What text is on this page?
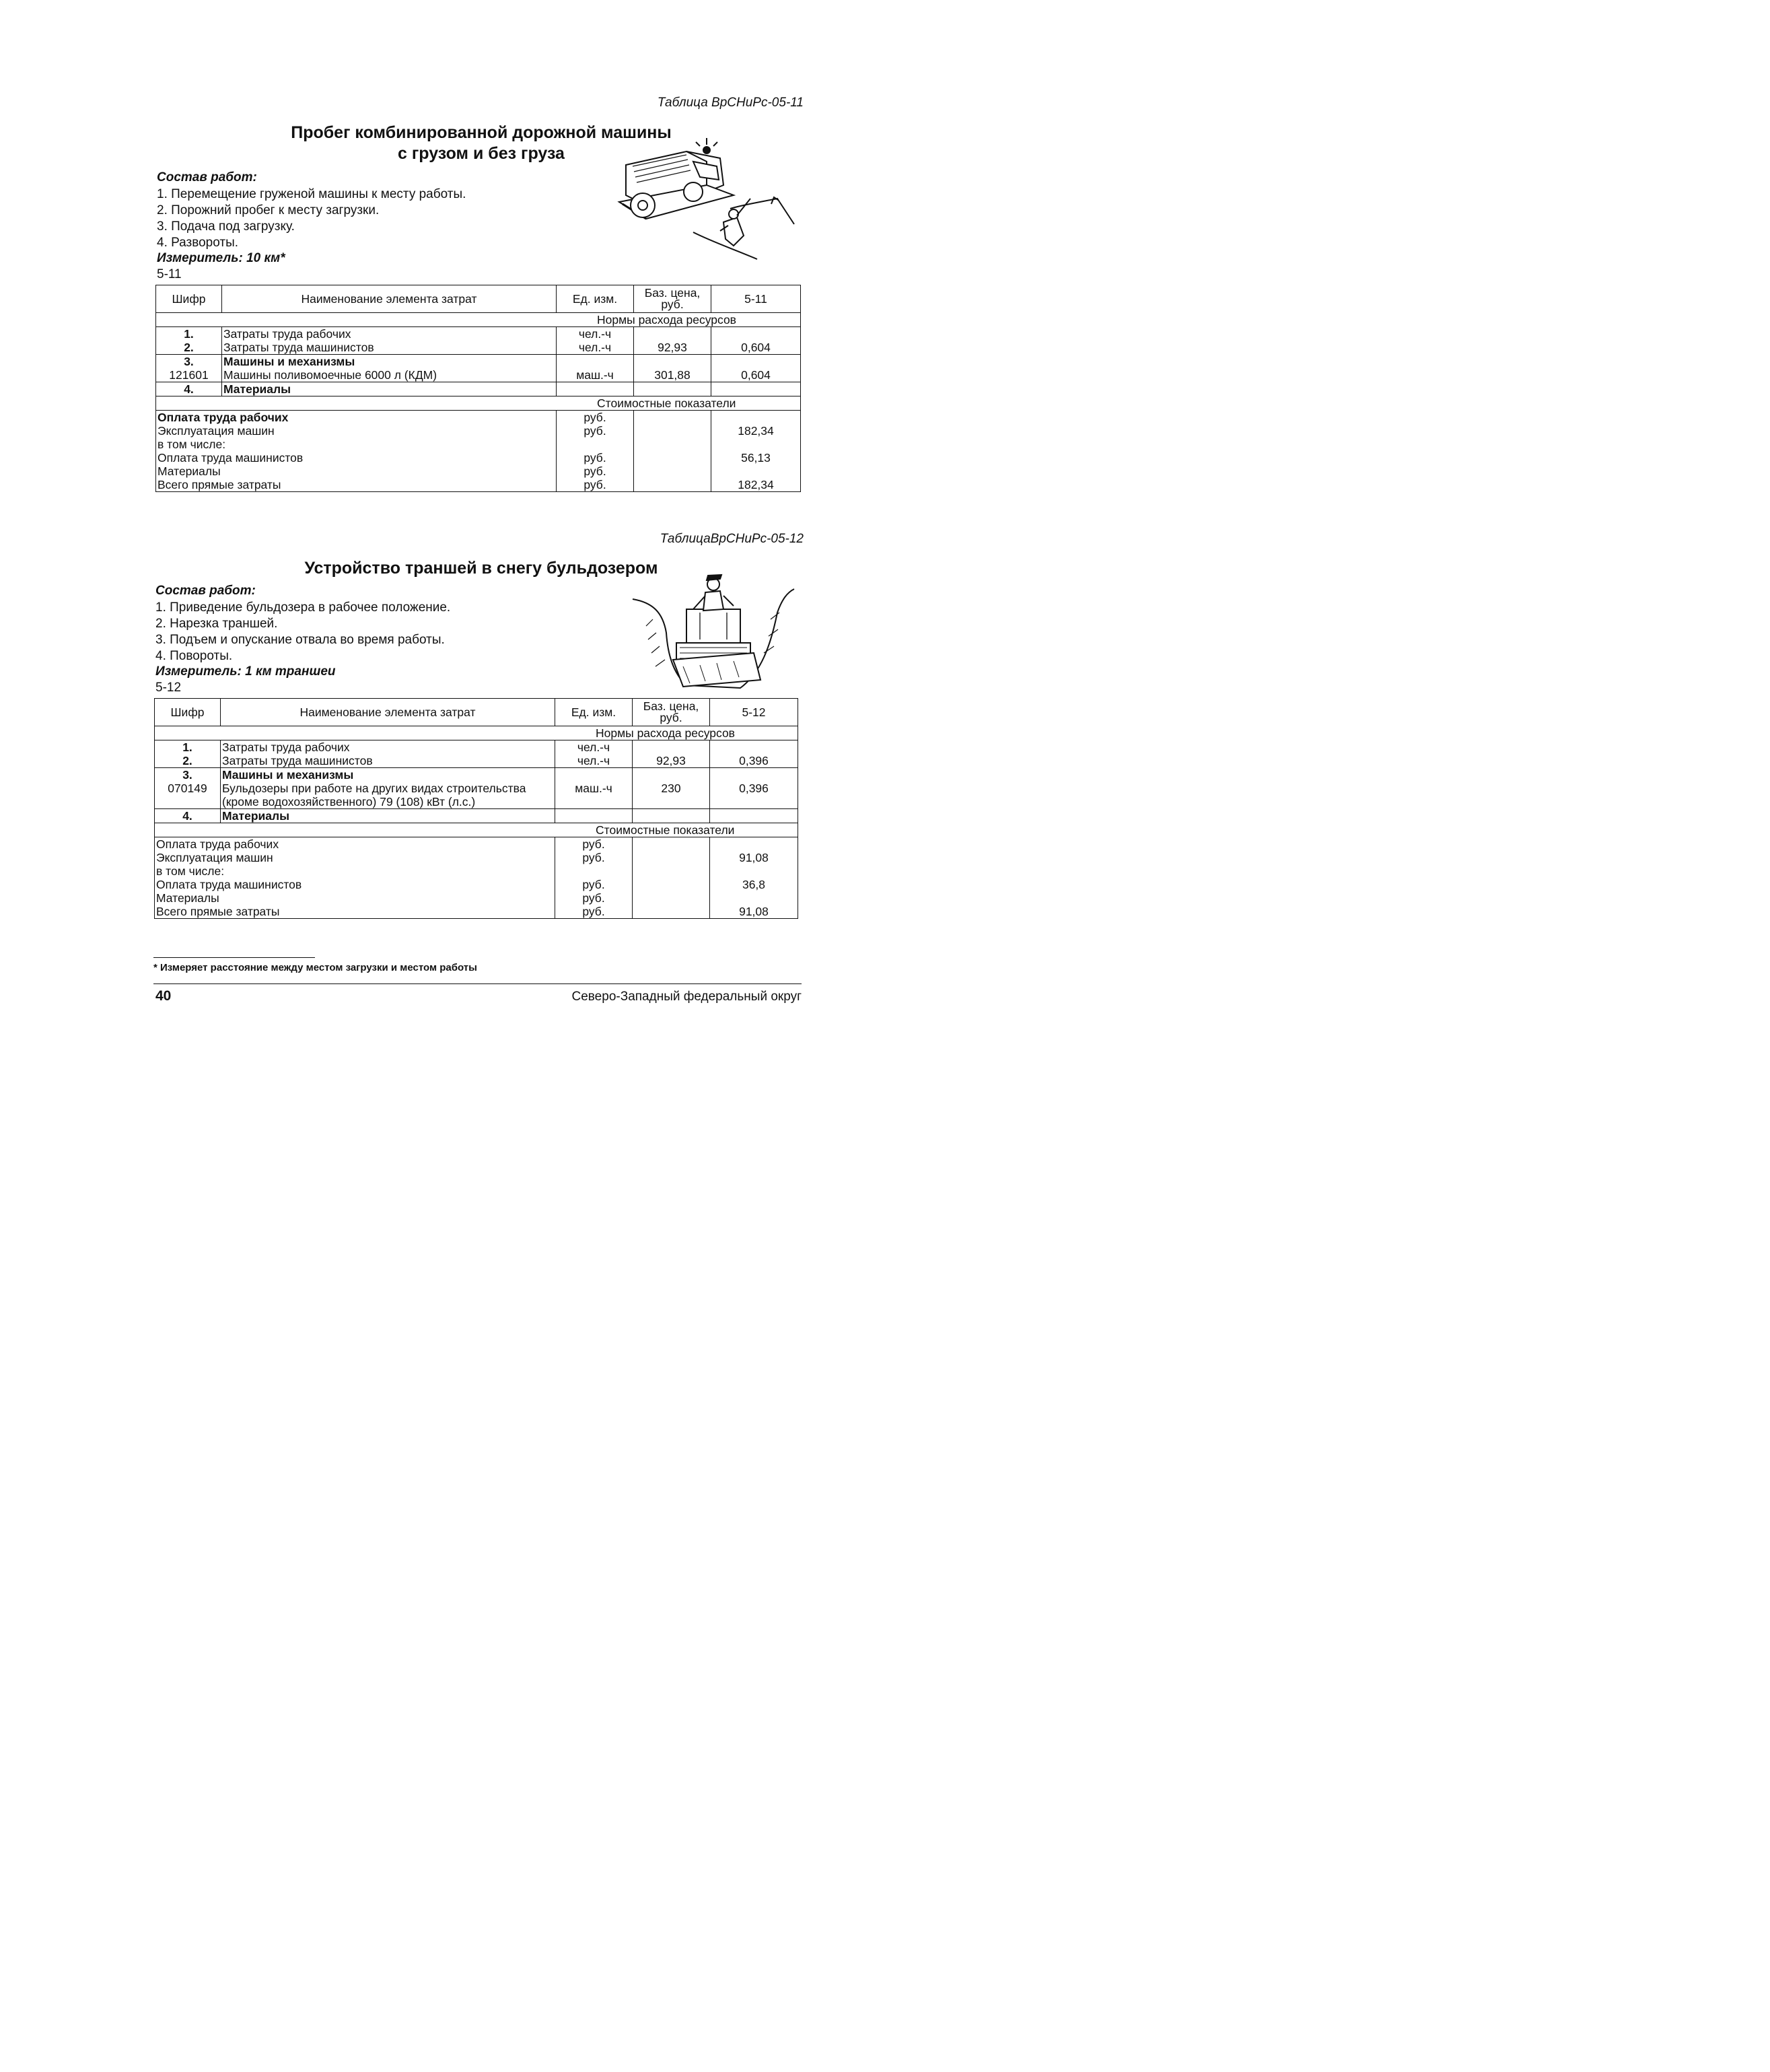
Таблица ВрСНиРс-05-11
Пробег комбинированной дорожной машины
с грузом и без груза
Состав работ:
1. Перемещение груженой машины к месту работы.
2. Порожний пробег к месту загрузки.
3. Подача под загрузку.
4. Развороты.
Измеритель: 10 км*
5-11
Шифр	Наименование элемента затрат	Ед. изм.	Баз. цена, руб.	5-11
Нормы расхода ресурсов				
1.	Затраты труда рабочих	чел.-ч		
2.	Затраты труда машинистов	чел.-ч	92,93	0,604
3.	Машины и механизмы			
121601	Машины поливомоечные 6000 л (КДМ)	маш.-ч	301,88	0,604
4.	Материалы			
Стоимостные показатели				
Оплата труда рабочих		руб.		
Эксплуатация машин		руб.		182,34
в том числе:				
Оплата труда машинистов		руб.		56,13
Материалы		руб.		
Всего прямые затраты		руб.		182,34
ТаблицаВрСНиРс-05-12
Устройство траншей в снегу бульдозером
Состав работ:
1. Приведение бульдозера в рабочее положение.
2. Нарезка траншей.
3. Подъем и опускание отвала во время работы.
4. Повороты.
Измеритель: 1 км траншеи
5-12
Шифр	Наименование элемента затрат	Ед. изм.	Баз. цена, руб.	5-12
Нормы расхода ресурсов				
1.	Затраты труда рабочих	чел.-ч		
2.	Затраты труда машинистов	чел.-ч	92,93	0,396
3.	Машины и механизмы			
070149	Бульдозеры при работе на других видах строительства (кроме водохозяйственного) 79 (108) кВт (л.с.)	маш.-ч	230	0,396
4.	Материалы			
Стоимостные показатели				
Оплата труда рабочих		руб.		
Эксплуатация машин		руб.		91,08
в том числе:				
Оплата труда машинистов		руб.		36,8
Материалы		руб.		
Всего прямые затраты		руб.		91,08
* Измеряет расстояние между местом загрузки и местом работы
40	Северо-Западный федеральный округ
